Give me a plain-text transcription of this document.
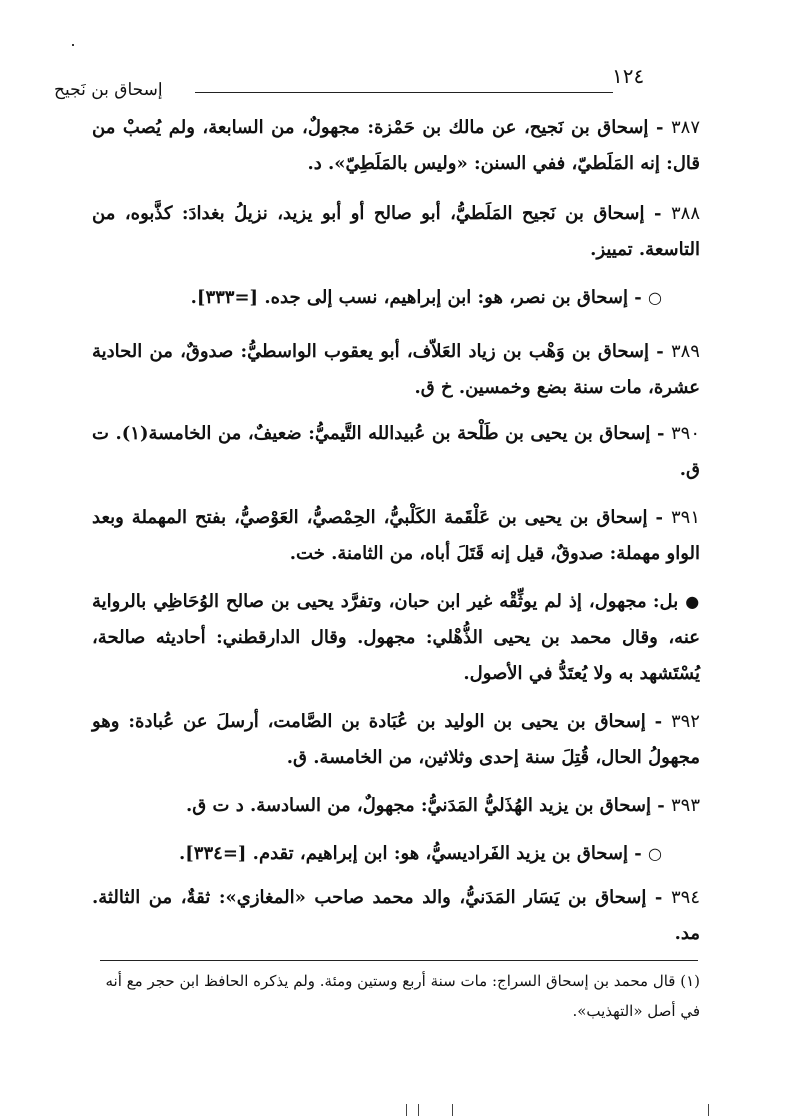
١٢٤
إسحاق بن نَجيح
٣٨٧ - إسحاق بن نَجيح، عن مالك بن حَمْزة: مجهولٌ، من السابعة، ولم يُصبْ من قال: إنه المَلَطيّ، ففي السنن: «وليس بالمَلَطِيّ». د.
٣٨٨ - إسحاق بن نَجيح المَلَطيُّ، أبو صالح أو أبو يزيد، نزيلُ بغدادَ: كذَّبوه، من التاسعة. تمييز.
○ - إسحاق بن نصر، هو: ابن إبراهيم، نسب إلى جده. [=٣٣٣].
٣٨٩ - إسحاق بن وَهْب بن زياد العَلاّف، أبو يعقوب الواسطيُّ: صدوقٌ، من الحادية عشرة، مات سنة بضع وخمسين. خ ق.
٣٩٠ - إسحاق بن يحيى بن طَلْحة بن عُبيدالله التَّيميُّ: ضعيفٌ، من الخامسة(١). ت ق.
٣٩١ - إسحاق بن يحيى بن عَلْقَمة الكَلْبيُّ، الحِمْصيُّ، العَوْصيُّ، بفتح المهملة وبعد الواو مهملة: صدوقٌ، قيل إنه قَتَلَ أباه، من الثامنة. خت.
● بل: مجهول، إذ لم يوثِّقْه غير ابن حبان، وتفرَّد يحيى بن صالح الوُحَاظِي بالرواية عنه، وقال محمد بن يحيى الذُّهْلي: مجهول. وقال الدارقطني: أحاديثه صالحة، يُسْتَشهد به ولا يُعتَدُّ في الأصول.
٣٩٢ - إسحاق بن يحيى بن الوليد بن عُبَادة بن الصَّامت، أرسلَ عن عُبادة: وهو مجهولُ الحال، قُتِلَ سنة إحدى وثلاثين، من الخامسة. ق.
٣٩٣ - إسحاق بن يزيد الهُذَليُّ المَدَنيُّ: مجهولٌ، من السادسة. د ت ق.
○ - إسحاق بن يزيد الفَراديسيُّ، هو: ابن إبراهيم، تقدم. [=٣٣٤].
٣٩٤ - إسحاق بن يَسَار المَدَنيُّ، والد محمد صاحب «المغازي»: ثقةٌ، من الثالثة. مد.
(١) قال محمد بن إسحاق السراج: مات سنة أربع وستين ومئة. ولم يذكره الحافظ ابن حجر مع أنه في أصل «التهذيب».
